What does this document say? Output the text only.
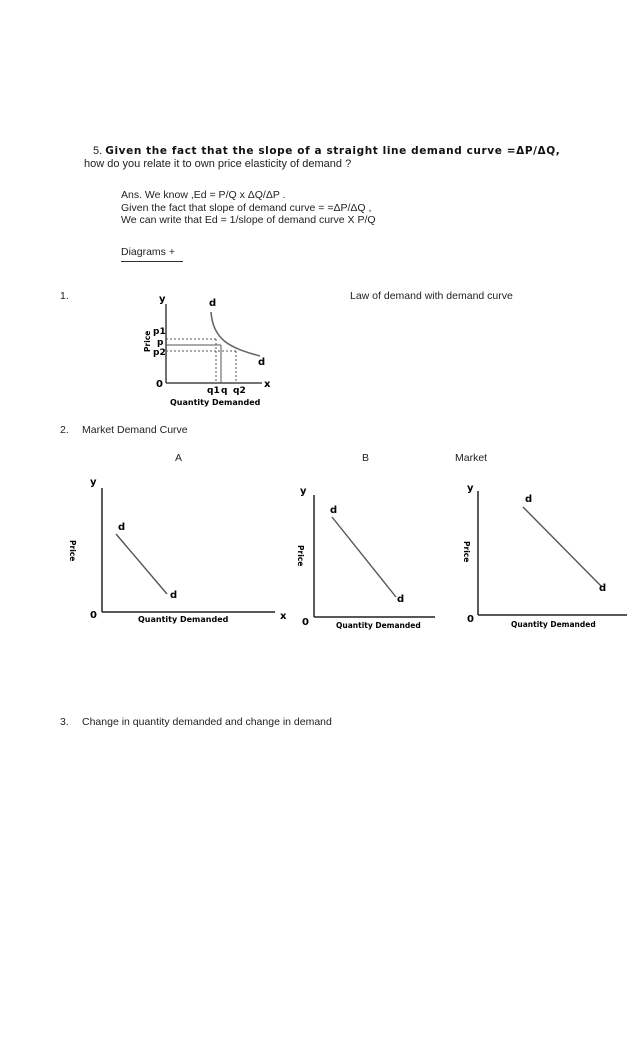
5. Given the fact that the slope of a straight line demand curve =ΔP/ΔQ,
how do you relate it to own price elasticity of demand ?
Ans. We know ,Ed = P/Q x ΔQ/ΔP .
Given the fact that slope of demand curve = =ΔP/ΔQ ,
We can write that Ed = 1/slope of demand curve X P/Q
Diagrams +
1.	Law of demand with demand curve
y	d
d
p1
p
p2
0	x
q1 q q2
Quantity Demanded
Price
2. Market Demand Curve
A	B	Market
y
d
d
0	x
Quantity Demanded
Price
y
d
d
0	Quantity Demanded
Price
y
d
d
0	Quantity Demanded
Price
3. Change in quantity demanded and change in demand
